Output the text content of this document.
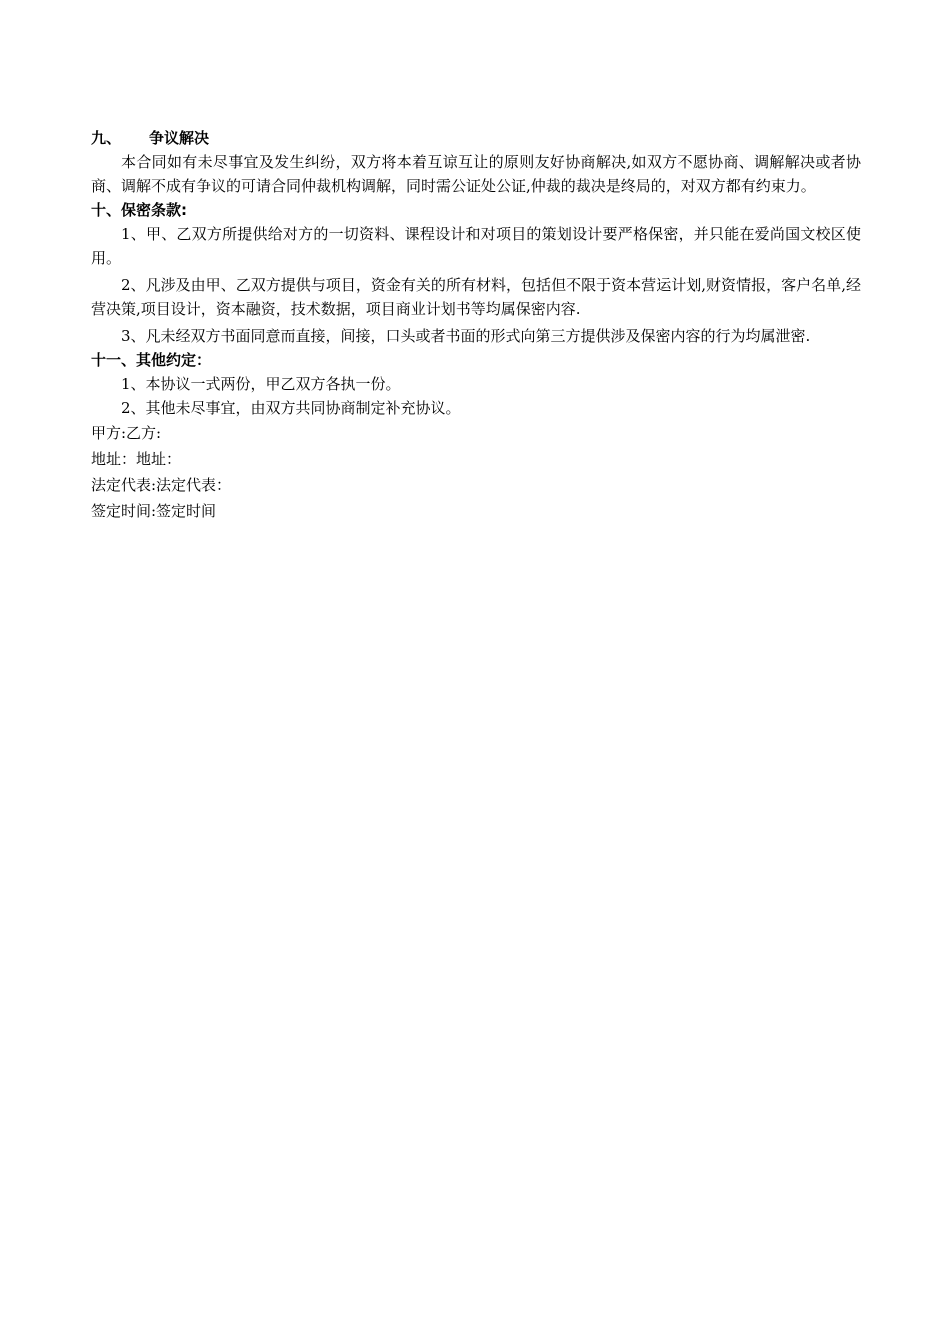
九、 争议解决

本合同如有未尽事宜及发生纠纷，双方将本着互谅互让的原则友好协商解决,如双方不愿协商、调解解决或者协商、调解不成有争议的可请合同仲裁机构调解，同时需公证处公证,仲裁的裁决是终局的，对双方都有约束力。

十、保密条款:

1、甲、乙双方所提供给对方的一切资料、课程设计和对项目的策划设计要严格保密，并只能在爱尚国文校区使用。

2、凡涉及由甲、乙双方提供与项目，资金有关的所有材料，包括但不限于资本营运计划,财资情报，客户名单,经营决策,项目设计，资本融资，技术数据，项目商业计划书等均属保密内容.

3、凡未经双方书面同意而直接，间接，口头或者书面的形式向第三方提供涉及保密内容的行为均属泄密.

十一、其他约定：

1、本协议一式两份，甲乙双方各执一份。

2、其他未尽事宜，由双方共同协商制定补充协议。

甲方:乙方:

地址：地址：

法定代表:法定代表：

签定时间:签定时间
